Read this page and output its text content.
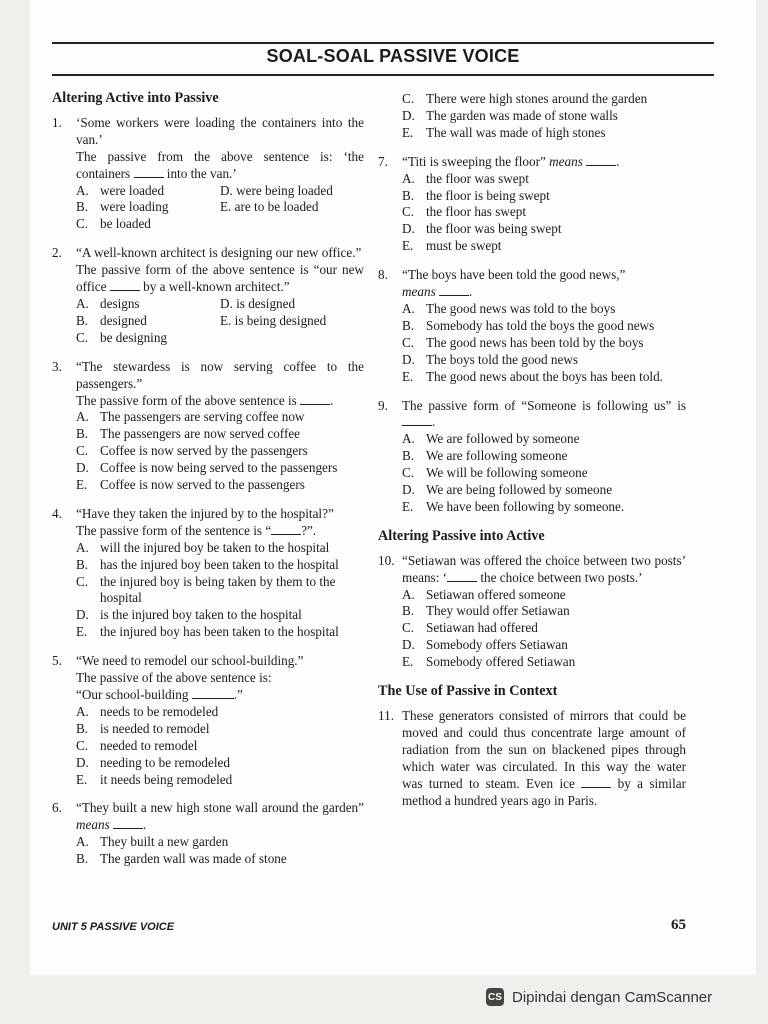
SOAL-SOAL PASSIVE VOICE
Altering Active into Passive
1. ‘Some workers were loading the containers into the van.’
The passive from the above sentence is: ‘the containers	into the van.’
A. were loaded	D. were being loaded
B. were loading	E. are to be loaded
C. be loaded
2. “A well-known architect is designing our new office.”
The passive form of the above sentence is “our new office	by a well-known architect.”
A. designs	D. is designed
B. designed	E. is being designed
C. be designing
3. “The stewardess is now serving coffee to the passengers.”
The passive form of the above sentence is	.
A. The passengers are serving coffee now
B. The passengers are now served coffee
C. Coffee is now served by the passengers
D. Coffee is now being served to the passengers
E. Coffee is now served to the passengers
4. “Have they taken the injured by to the hospital?”
The passive form of the sentence is “ ?”.
A. will the injured boy be taken to the hospital
B. has the injured boy been taken to the hospital
C. the injured boy is being taken by them to the hospital
D. is the injured boy taken to the hospital
E. the injured boy has been taken to the hospital
5. “We need to remodel our school-building.”
The passive of the above sentence is:
“Our school-building	.”
A. needs to be remodeled
B. is needed to remodel
C. needed to remodel
D. needing to be remodeled
E. it needs being remodeled
6. “They built a new high stone wall around the garden” means	.
A. They built a new garden
B. The garden wall was made of stone
C. There were high stones around the garden
D. The garden was made of stone walls
E. The wall was made of high stones
7. “Titi is sweeping the floor” means	.
A. the floor was swept
B. the floor is being swept
C. the floor has swept
D. the floor was being swept
E. must be swept
8. “The boys have been told the good news,”
means	.
A. The good news was told to the boys
B. Somebody has told the boys the good news
C. The good news has been told by the boys
D. The boys told the good news
E. The good news about the boys has been told.
9. The passive form of “Someone is following us” is .
A. We are followed by someone
B. We are following someone
C. We will be following someone
D. We are being followed by someone
E. We have been following by someone.
Altering Passive into Active
10. “Setiawan was offered the choice between two posts’ means: ‘	the choice between two posts.’
A. Setiawan offered someone
B. They would offer Setiawan
C. Setiawan had offered
D. Somebody offers Setiawan
E. Somebody offered Setiawan
The Use of Passive in Context
11. These generators consisted of mirrors that could be moved and could thus concentrate large amount of radiation from the sun on blackened pipes through which water was circulated. In this way the water was turned to steam. Even ice	by a similar method a hundred years ago in Paris.
UNIT 5 PASSIVE VOICE	65
CS Dipindai dengan CamScanner
